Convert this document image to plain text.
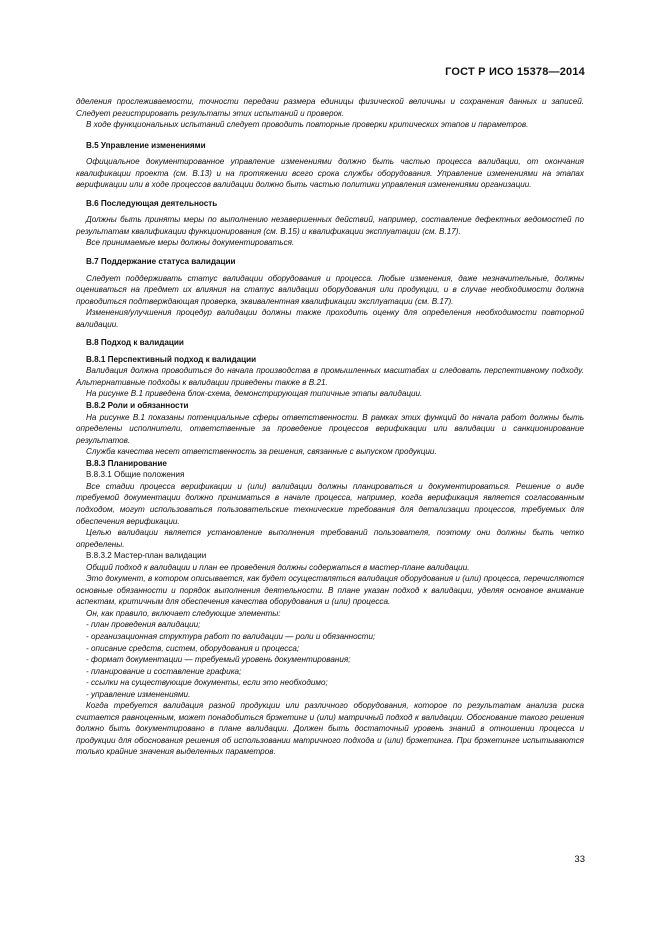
ГОСТ Р ИСО 15378—2014

дделения прослеживаемости, точности передачи размера единицы физической величины и сохранения данных и записей. Следует регистрировать результаты этих испытаний и проверок.

В ходе функциональных испытаний следует проводить повторные проверки критических этапов и параметров.

В.5 Управление изменениями

Официальное документированное управление изменениями должно быть частью процесса валидации, от окончания квалификации проекта (см. В.13) и на протяжении всего срока службы оборудования. Управление изменениями на этапах верификации или в ходе процессов валидации должно быть частью политики управления изменениями организации.

В.6 Последующая деятельность

Должны быть приняты меры по выполнению незавершенных действий, например, составление дефектных ведомостей по результатам квалификации функционирования (см. В.15) и квалификации эксплуатации (см. В.17).

Все принимаемые меры должны документироваться.

В.7 Поддержание статуса валидации

Следует поддерживать статус валидации оборудования и процесса. Любые изменения, даже незначительные, должны оцениваться на предмет их влияния на статус валидации оборудования или продукции, и в случае необходимости должна проводиться подтверждающая проверка, эквивалентная квалификации эксплуатации (см. В.17).

Изменения/улучшения процедур валидации должны также проходить оценку для определения необходимости повторной валидации.

В.8 Подход к валидации

В.8.1 Перспективный подход к валидации

Валидация должна проводиться до начала производства в промышленных масштабах и следовать перспективному подходу. Альтернативные подходы к валидации приведены также в В.21.

На рисунке В.1 приведена блок-схема, демонстрирующая типичные этапы валидации.

В.8.2 Роли и обязанности

На рисунке В.1 показаны потенциальные сферы ответственности. В рамках этих функций до начала работ должны быть определены исполнители, ответственные за проведение процессов верификации или валидации и санкционирование результатов.

Служба качества несет ответственность за решения, связанные с выпуском продукции.

В.8.3 Планирование

В.8.3.1 Общие положения

Все стадии процесса верификации и (или) валидации должны планироваться и документироваться. Решение о виде требуемой документации должно приниматься в начале процесса, например, когда верификация является согласованным подходом, могут использоваться пользовательские технические требования для детализации процессов, требуемых для обеспечения верификации.

Целью валидации является установление выполнения требований пользователя, поэтому они должны быть четко определены.

В.8.3.2 Мастер-план валидации

Общий подход к валидации и план ее проведения должны содержаться в мастер-плане валидации.

Это документ, в котором описывается, как будет осуществляться валидация оборудования и (или) процесса, перечисляются основные обязанности и порядок выполнения деятельности. В плане указан подход к валидации, уделяя основное внимание аспектам, критичным для обеспечения качества оборудования и (или) процесса.

Он, как правило, включает следующие элементы:

- план проведения валидации;

- организационная структура работ по валидации — роли и обязанности;

- описание средств, систем, оборудования и процесса;

- формат документации — требуемый уровень документирования;

- планирование и составление графика;

- ссылки на существующие документы, если это необходимо;

- управление изменениями.

Когда требуется валидация разной продукции или различного оборудования, которое по результатам анализа риска считается равноценным, может понадобиться брэкетинг и (или) матричный подход к валидации. Обоснование такого решения должно быть документировано в плане валидации. Должен быть достаточный уровень знаний в отношении процесса и продукции для обоснования решения об использовании матричного подхода и (или) брэкетинга. При брэкетинге испытываются только крайние значения выделенных параметров.

33
